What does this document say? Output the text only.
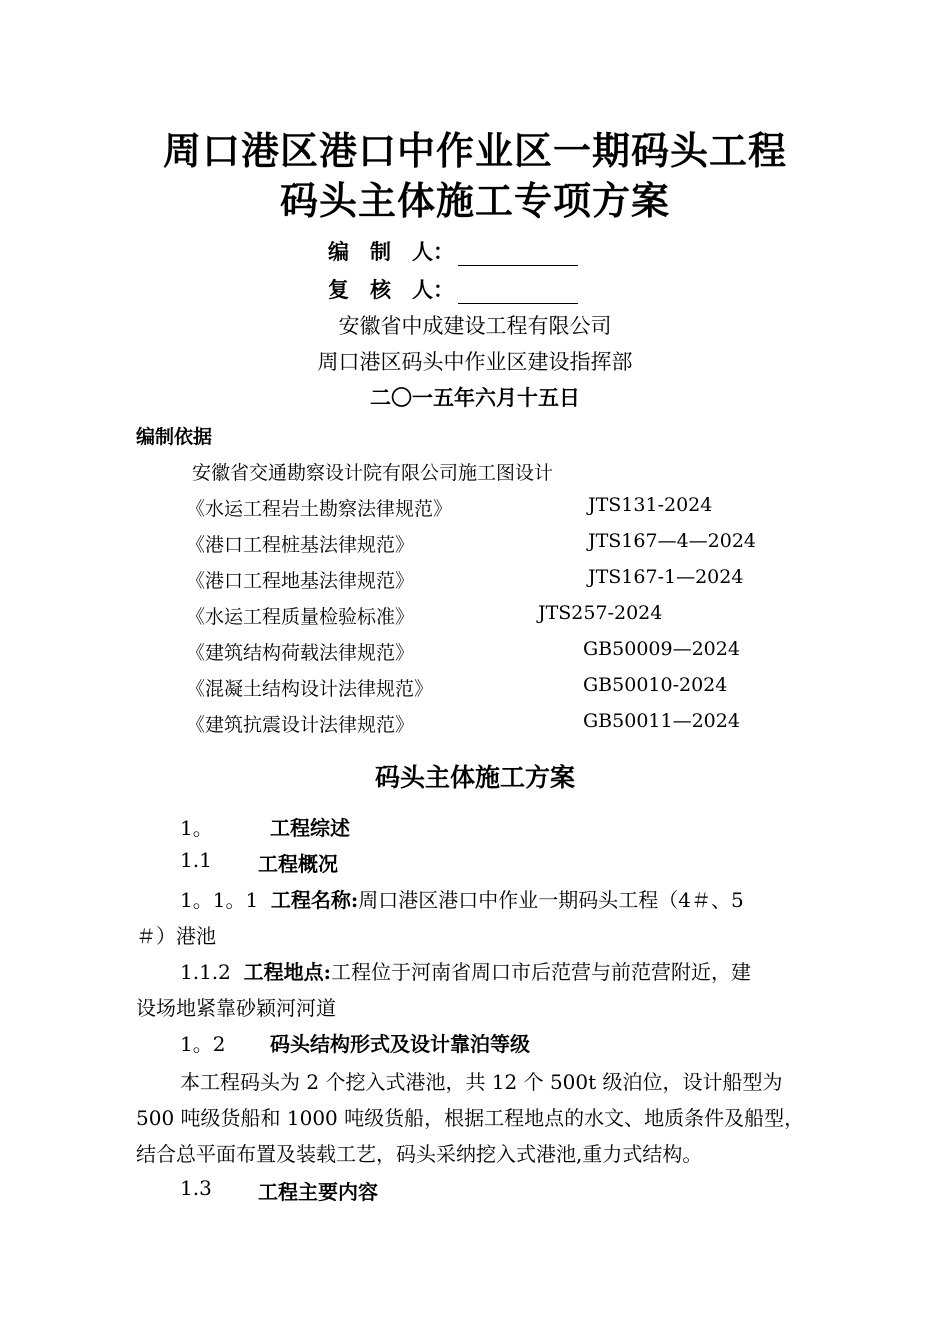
周口港区港口中作业区一期码头工程
码头主体施工专项方案
编　制　人：
复　核　人：
安徽省中成建设工程有限公司
周口港区码头中作业区建设指挥部
二〇一五年六月十五日
编制依据
安徽省交通勘察设计院有限公司施工图设计
《水运工程岩土勘察法律规范》	JTS131-2024
《港口工程桩基法律规范》	JTS167—4—2024
《港口工程地基法律规范》	JTS167-1—2024
《水运工程质量检验标准》	JTS257-2024
《建筑结构荷载法律规范》	GB50009—2024
《混凝土结构设计法律规范》	GB50010-2024
《建筑抗震设计法律规范》	GB50011—2024
码头主体施工方案
1。	工程综述
1.1 工程概况
1。1。1 工程名称:周口港区港口中作业一期码头工程（4＃、5
＃）港池
1.1.2 工程地点:工程位于河南省周口市后范营与前范营附近，建
设场地紧靠砂颖河河道
1。2 码头结构形式及设计靠泊等级
本工程码头为 2 个挖入式港池，共 12 个 500t 级泊位，设计船型为
500 吨级货船和 1000 吨级货船，根据工程地点的水文、地质条件及船型，
结合总平面布置及装载工艺，码头采纳挖入式港池,重力式结构。
1.3 工程主要内容
